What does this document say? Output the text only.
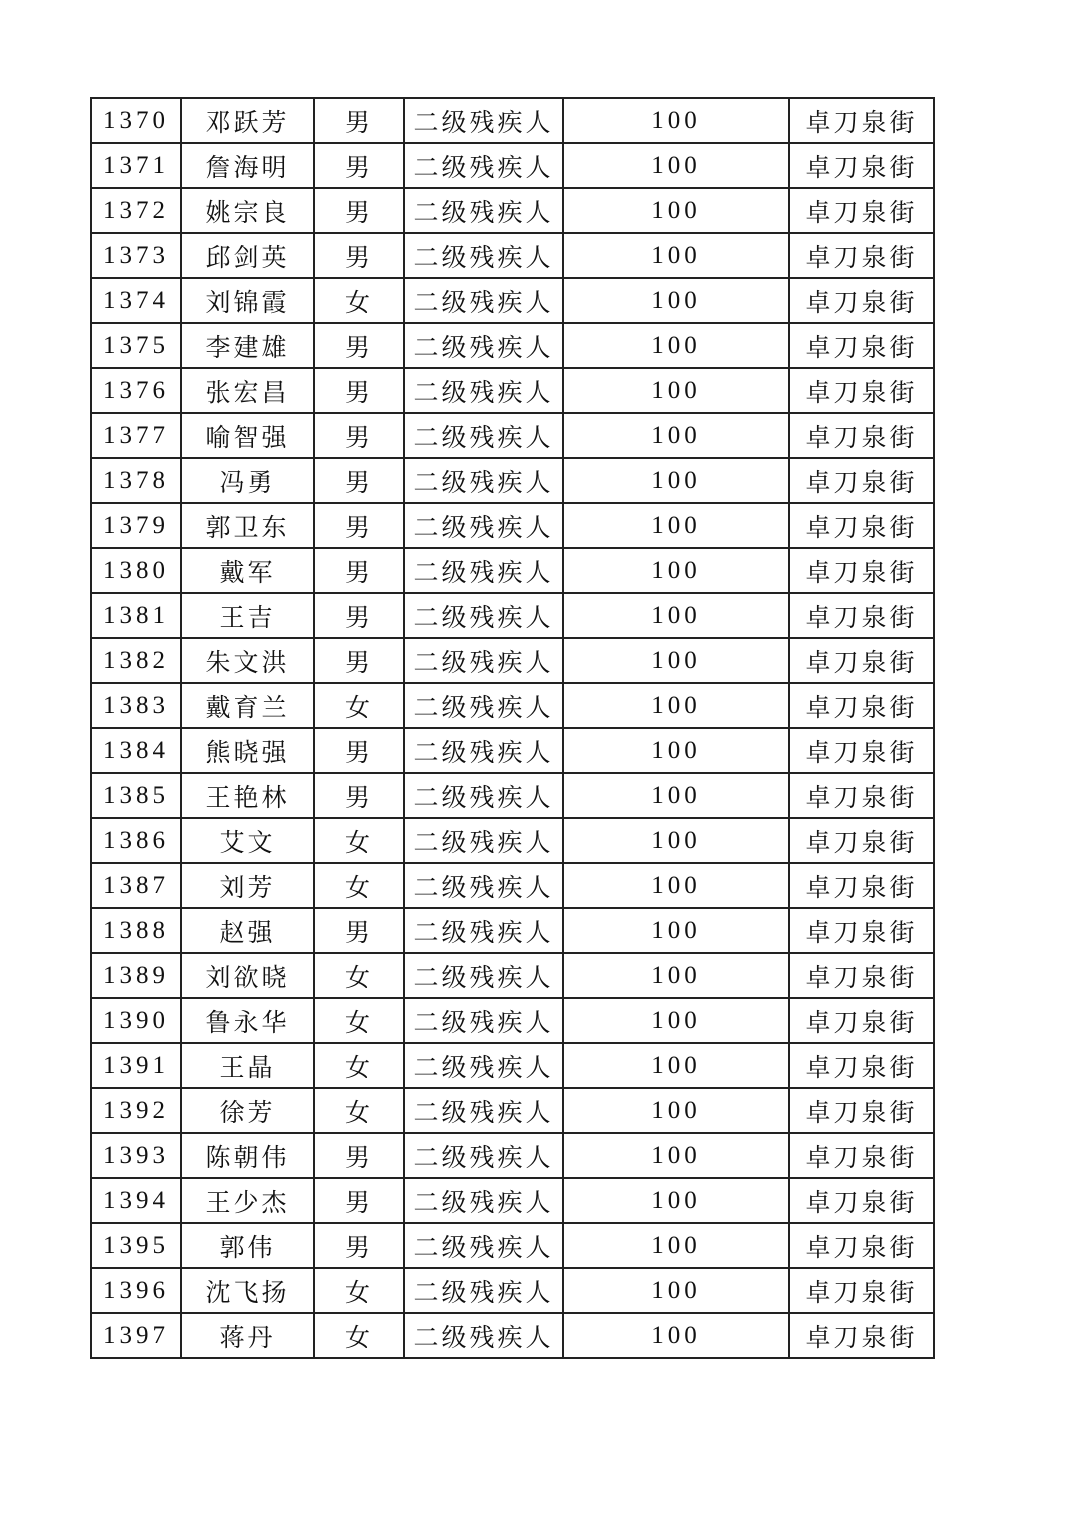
1370	邓跃芳	男	二级残疾人	100	卓刀泉街
1371	詹海明	男	二级残疾人	100	卓刀泉街
1372	姚宗良	男	二级残疾人	100	卓刀泉街
1373	邱剑英	男	二级残疾人	100	卓刀泉街
1374	刘锦霞	女	二级残疾人	100	卓刀泉街
1375	李建雄	男	二级残疾人	100	卓刀泉街
1376	张宏昌	男	二级残疾人	100	卓刀泉街
1377	喻智强	男	二级残疾人	100	卓刀泉街
1378	冯勇	男	二级残疾人	100	卓刀泉街
1379	郭卫东	男	二级残疾人	100	卓刀泉街
1380	戴军	男	二级残疾人	100	卓刀泉街
1381	王吉	男	二级残疾人	100	卓刀泉街
1382	朱文洪	男	二级残疾人	100	卓刀泉街
1383	戴育兰	女	二级残疾人	100	卓刀泉街
1384	熊晓强	男	二级残疾人	100	卓刀泉街
1385	王艳林	男	二级残疾人	100	卓刀泉街
1386	艾文	女	二级残疾人	100	卓刀泉街
1387	刘芳	女	二级残疾人	100	卓刀泉街
1388	赵强	男	二级残疾人	100	卓刀泉街
1389	刘欲晓	女	二级残疾人	100	卓刀泉街
1390	鲁永华	女	二级残疾人	100	卓刀泉街
1391	王晶	女	二级残疾人	100	卓刀泉街
1392	徐芳	女	二级残疾人	100	卓刀泉街
1393	陈朝伟	男	二级残疾人	100	卓刀泉街
1394	王少杰	男	二级残疾人	100	卓刀泉街
1395	郭伟	男	二级残疾人	100	卓刀泉街
1396	沈飞扬	女	二级残疾人	100	卓刀泉街
1397	蒋丹	女	二级残疾人	100	卓刀泉街
